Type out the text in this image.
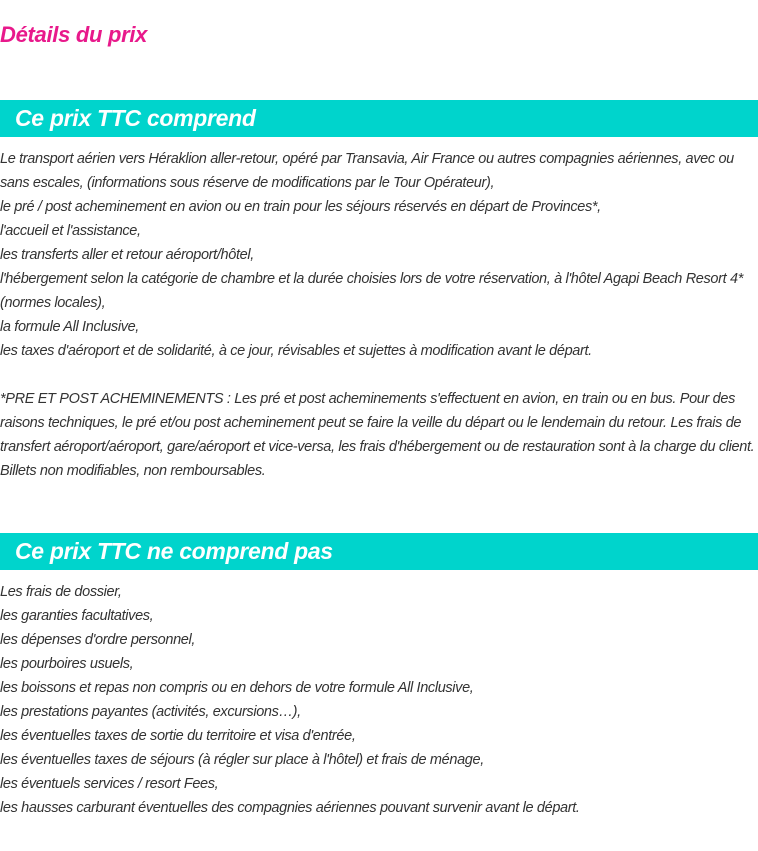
Détails du prix
Ce prix TTC comprend
Le transport aérien vers Héraklion aller-retour, opéré par Transavia, Air France ou autres compagnies aériennes, avec ou sans escales, (informations sous réserve de modifications par le Tour Opérateur),
le pré / post acheminement en avion ou en train pour les séjours réservés en départ de Provinces*,
l'accueil et l'assistance,
les transferts aller et retour aéroport/hôtel,
l'hébergement selon la catégorie de chambre et la durée choisies lors de votre réservation, à l'hôtel Agapi Beach Resort 4* (normes locales),
la formule All Inclusive,
les taxes d'aéroport et de solidarité, à ce jour, révisables et sujettes à modification avant le départ.

*PRE ET POST ACHEMINEMENTS : Les pré et post acheminements s'effectuent en avion, en train ou en bus. Pour des raisons techniques, le pré et/ou post acheminement peut se faire la veille du départ ou le lendemain du retour. Les frais de transfert aéroport/aéroport, gare/aéroport et vice-versa, les frais d'hébergement ou de restauration sont à la charge du client. Billets non modifiables, non remboursables.

Ce prix TTC ne comprend pas
Les frais de dossier,
les garanties facultatives,
les dépenses d'ordre personnel,
les pourboires usuels,
les boissons et repas non compris ou en dehors de votre formule All Inclusive,
les prestations payantes (activités, excursions…),
les éventuelles taxes de sortie du territoire et visa d'entrée,
les éventuelles taxes de séjours (à régler sur place à l'hôtel) et frais de ménage,
les éventuels services / resort Fees,
les hausses carburant éventuelles des compagnies aériennes pouvant survenir avant le départ.
